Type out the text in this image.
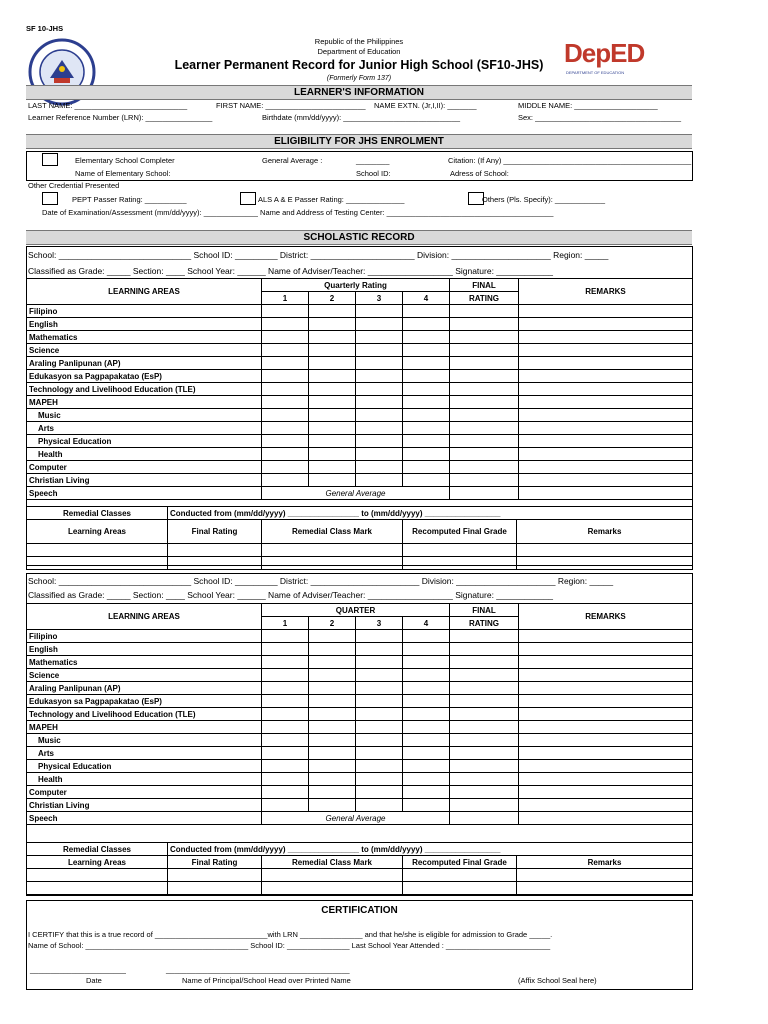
SF 10-JHS
Republic of the Philippines
Department of Education
Learner Permanent Record for Junior High School (SF10-JHS)
(Formerly Form 137)
DepED
DEPARTMENT OF EDUCATION
LEARNER'S INFORMATION
LAST NAME: ___________________________	FIRST NAME: ________________________ NAME EXTN. (Jr,I,II): _______	MIDDLE NAME: ____________________
Learner Reference Number (LRN): ________________	Birthdate (mm/dd/yyyy): ____________________________	Sex: ___________________________________
ELIGIBILITY FOR JHS ENROLMENT
Elementary School Completer	General Average :	________	Citation: (If Any) _____________________________________________
Name of Elementary School:	School ID:	Adress of School:
Other Credential Presented
PEPT Passer Rating: __________	ALS A & E Passer Rating: ______________	Others (Pls. Specify): ____________
Date of Examination/Assessment (mm/dd/yyyy): _____________ Name and Address of Testing Center: ________________________________________
SCHOLASTIC RECORD
School: ____________________________ School ID: _________ District: ______________________ Division: _____________________ Region: _____
Classified as Grade: _____ Section: ____ School Year: ______ Name of Adviser/Teacher: __________________ Signature: ____________
LEARNING AREAS	Quarterly Rating				FINAL	REMARKS
	1	2	3	4	RATING	
Filipino						
English						
Mathematics						
Science						
Araling Panlipunan (AP)						
Edukasyon sa Pagpapakatao (EsP)						
Technology and Livelihood Education (TLE)						
MAPEH						
Music						
Arts						
Physical Education						
Health						
Computer						
Christian Living						
Speech	General Average					
Remedial Classes	Conducted from (mm/dd/yyyy) ________________ to (mm/dd/yyyy) _________________			
Learning Areas	Final Rating	Remedial Class Mark	Recomputed Final Grade	Remarks

School: ____________________________ School ID: _________ District: _______________________ Division: _____________________ Region: _____
Classified as Grade: _____ Section: ____ School Year: ______ Name of Adviser/Teacher: __________________ Signature: ____________
LEARNING AREAS	QUARTER				FINAL	REMARKS
	1	2	3	4	RATING	
Filipino						
English						
Mathematics						
Science						
Araling Panlipunan (AP)						
Edukasyon sa Pagpapakatao (EsP)						
Technology and Livelihood Education (TLE)						
MAPEH						
Music						
Arts						
Physical Education						
Health						
Computer						
Christian Living						
Speech	General Average					
Remedial Classes	Conducted from (mm/dd/yyyy) ________________ to (mm/dd/yyyy) _________________			
Learning Areas	Final Rating	Remedial Class Mark	Recomputed Final Grade	Remarks

CERTIFICATION
I CERTIFY that this is a true record of ___________________________with LRN _______________ and that he/she is eligible for admission to Grade _____.
Name of School: _______________________________________ School ID: _______________ Last School Year Attended : _________________________
_______________________	____________________________________________
Date	Name of Principal/School Head over Printed Name	(Affix School Seal here)
